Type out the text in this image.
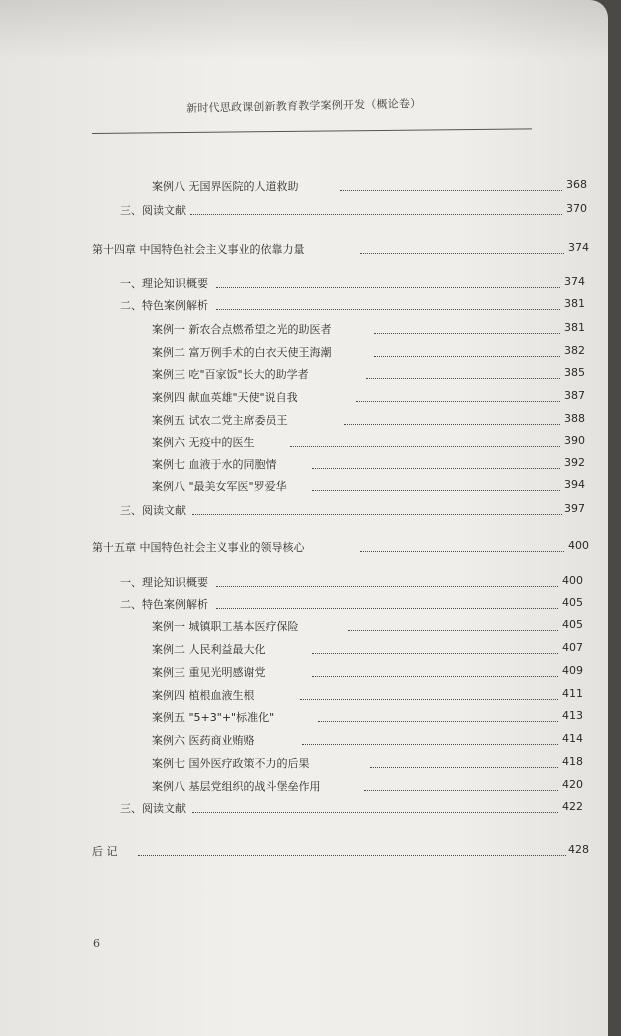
新时代思政课创新教育教学案例开发（概论卷）
案例八 无国界医院的人道救助	368
三、阅读文献	370
第十四章 中国特色社会主义事业的依靠力量	374
一、理论知识概要	374
二、特色案例解析	381
案例一 新农合点燃希望之光的助医者	381
案例二 富万例手术的白衣天使王海潮	382
案例三 吃"百家饭"长大的助学者	385
案例四 献血英雄"天使"说自我	387
案例五 试农二党主席委员王	388
案例六 无疫中的医生	390
案例七 血液于水的同胞情	392
案例八 "最美女军医"罗爱华	394
三、阅读文献	397
第十五章 中国特色社会主义事业的领导核心	400
一、理论知识概要	400
二、特色案例解析	405
案例一 城镇职工基本医疗保险	405
案例二 人民利益最大化	407
案例三 重见光明感谢党	409
案例四 植根血液生根	411
案例五 "5+3"+"标准化"	413
案例六 医药商业贿赂	414
案例七 国外医疗政策不力的后果	418
案例八 基层党组织的战斗堡垒作用	420
三、阅读文献	422
后 记	428
6
